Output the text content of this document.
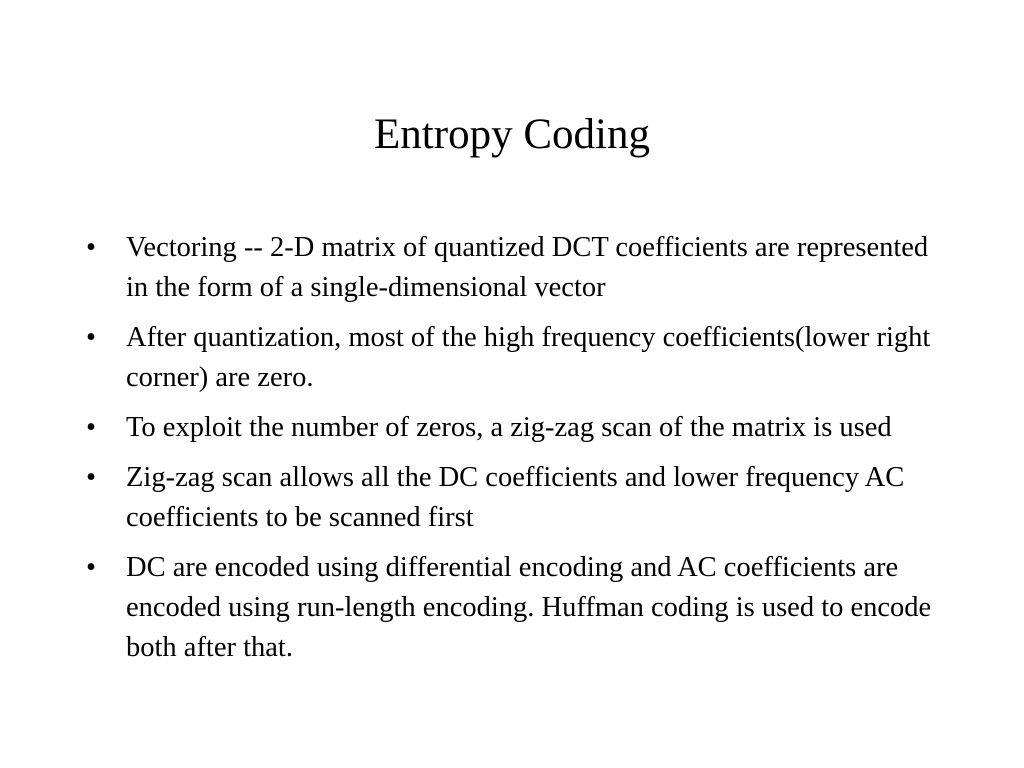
Entropy Coding
•	Vectoring -- 2-D matrix of quantized DCT coefficients are represented in the form of a single-dimensional vector
•	After quantization, most of the high frequency coefficients(lower right corner) are zero.
•	To exploit the number of zeros, a zig-zag scan of the matrix is used
•	Zig-zag scan allows all the DC coefficients and lower frequency AC coefficients to be scanned first
•	DC are encoded using differential encoding and AC coefficients are encoded using run-length encoding. Huffman coding is used to encode both after that.
